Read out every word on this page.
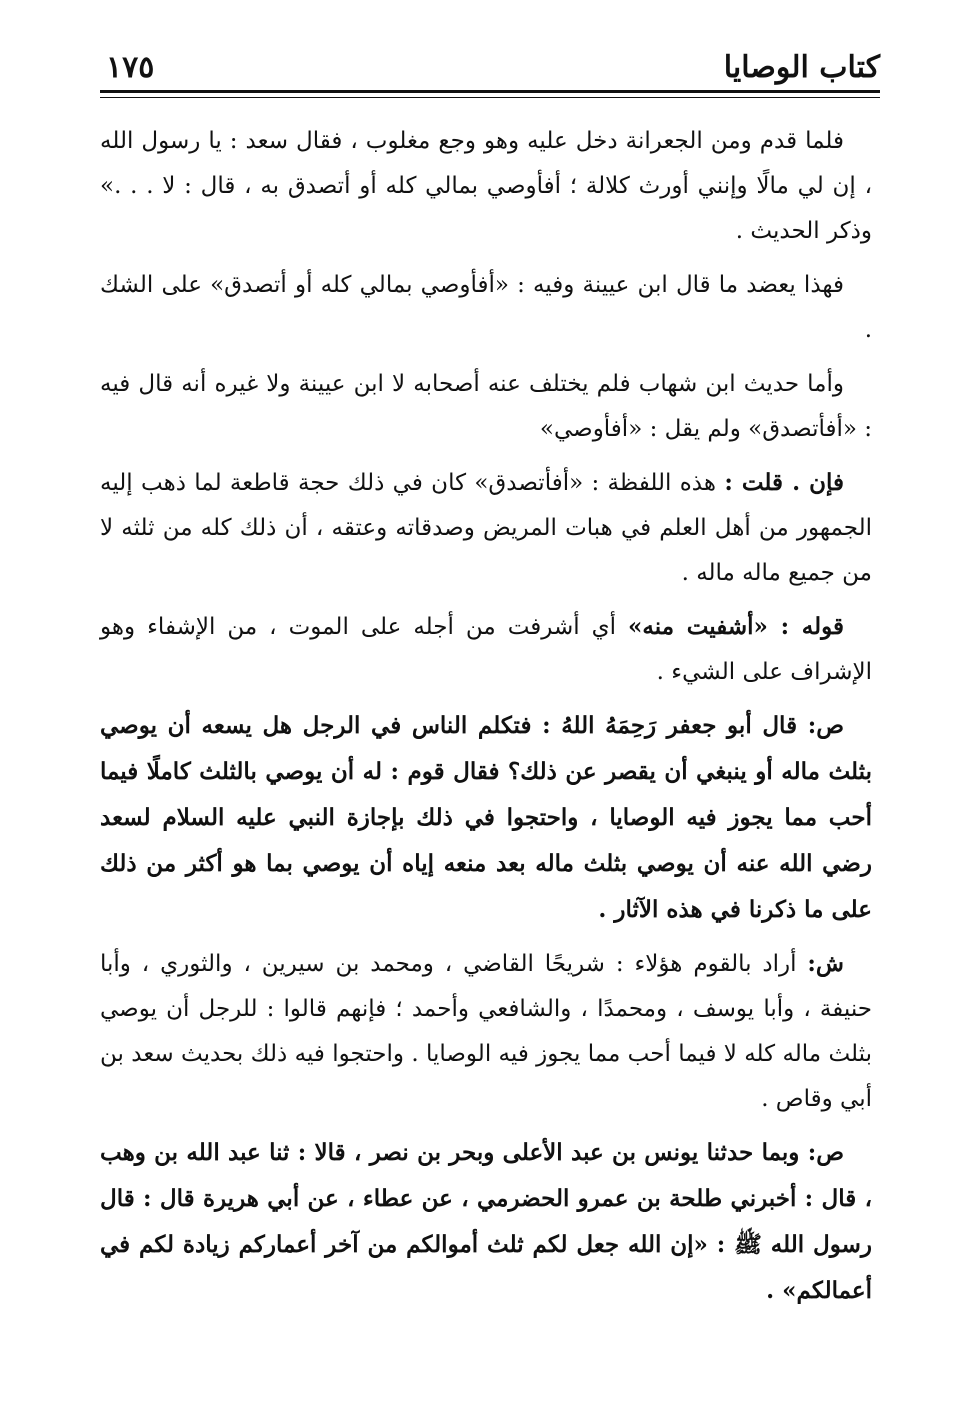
كتاب الوصايا
١٧٥

فلما قدم ومن الجعرانة دخل عليه وهو وجع مغلوب ، فقال سعد : يا رسول الله ، إن لي مالًا وإنني أورث كلالة ؛ أفأوصي بمالي كله أو أتصدق به ، قال : لا . . .» وذكر الحديث .

فهذا يعضد ما قال ابن عيينة وفيه : «أفأوصي بمالي كله أو أتصدق» على الشك .

وأما حديث ابن شهاب فلم يختلف عنه أصحابه لا ابن عيينة ولا غيره أنه قال فيه : «أفأتصدق» ولم يقل : «أفأوصي»

فإن . قلت : هذه اللفظة : «أفأتصدق» كان في ذلك حجة قاطعة لما ذهب إليه الجمهور من أهل العلم في هبات المريض وصدقاته وعتقه ، أن ذلك كله من ثلثه لا من جميع ماله ماله .

قوله : «أشفيت منه» أي أشرفت من أجله على الموت ، من الإشفاء وهو الإشراف على الشيء .

ص: قال أبو جعفر رَحِمَهُ اللهُ : فتكلم الناس في الرجل هل يسعه أن يوصي بثلث ماله أو ينبغي أن يقصر عن ذلك؟ فقال قوم : له أن يوصي بالثلث كاملًا فيما أحب مما يجوز فيه الوصايا ، واحتجوا في ذلك بإجازة النبي عليه السلام لسعد رضي الله عنه أن يوصي بثلث ماله بعد منعه إياه أن يوصي بما هو أكثر من ذلك على ما ذكرنا في هذه الآثار .

ش: أراد بالقوم هؤلاء : شريحًا القاضي ، ومحمد بن سيرين ، والثوري ، وأبا حنيفة ، وأبا يوسف ، ومحمدًا ، والشافعي وأحمد ؛ فإنهم قالوا : للرجل أن يوصي بثلث ماله كله لا فيما أحب مما يجوز فيه الوصايا . واحتجوا فيه ذلك بحديث سعد بن أبي وقاص .

ص: وبما حدثنا يونس بن عبد الأعلى وبحر بن نصر ، قالا : ثنا عبد الله بن وهب ، قال : أخبرني طلحة بن عمرو الحضرمي ، عن عطاء ، عن أبي هريرة قال : قال رسول الله ﷺ : «إن الله جعل لكم ثلث أموالكم من آخر أعماركم زيادة لكم في أعمالكم» .
